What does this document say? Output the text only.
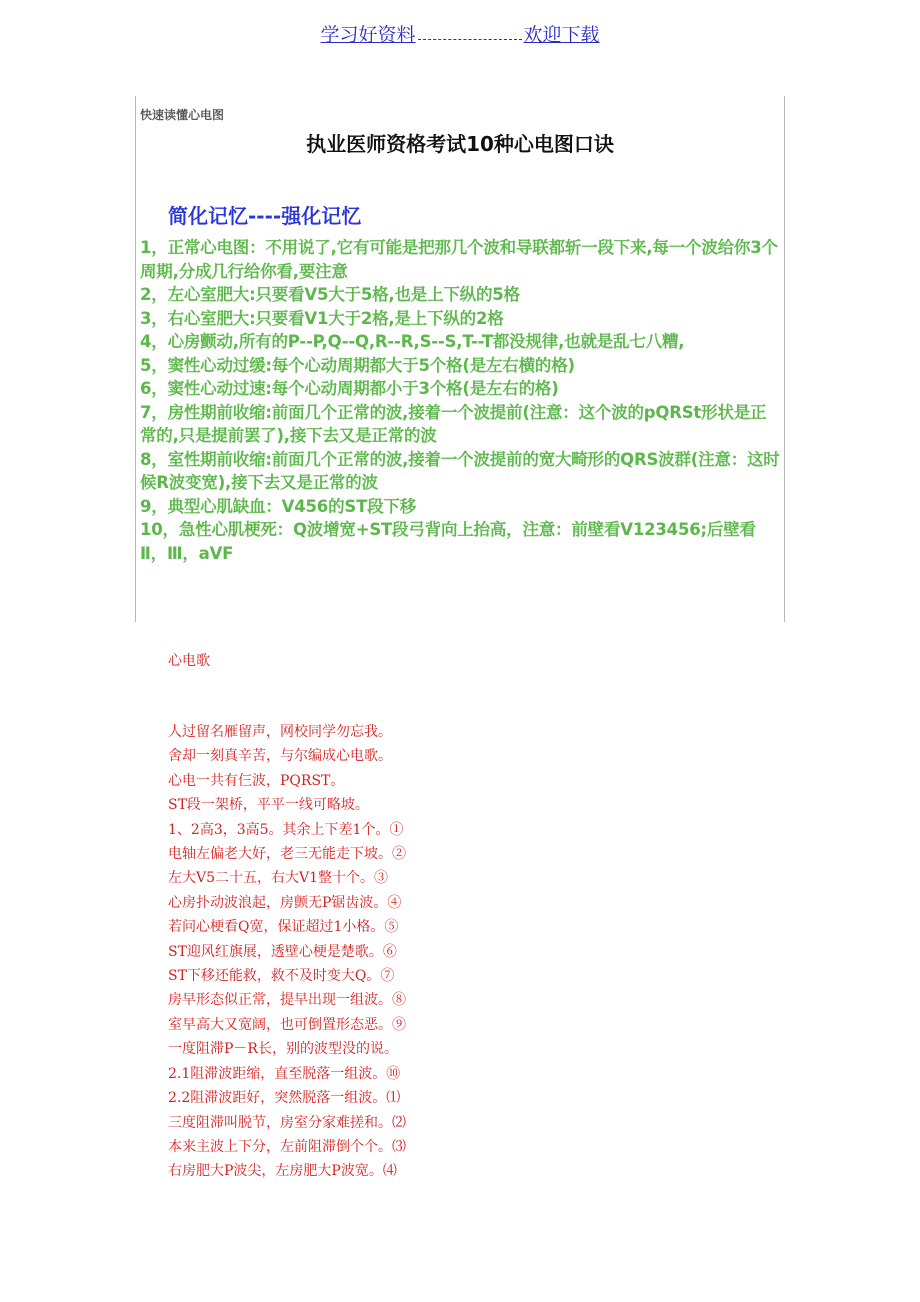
学习好资料	欢迎下载
快速读懂心电图
执业医师资格考试10种心电图口诀
简化记忆----强化记忆
1，正常心电图：不用说了,它有可能是把那几个波和导联都斩一段下来,每一个波给你3个周期,分成几行给你看,要注意
2，左心室肥大:只要看V5大于5格,也是上下纵的5格
3，右心室肥大:只要看V1大于2格,是上下纵的2格
4，心房颤动,所有的P--P,Q--Q,R--R,S--S,T--T都没规律,也就是乱七八糟,
5，窦性心动过缓:每个心动周期都大于5个格(是左右横的格)
6，窦性心动过速:每个心动周期都小于3个格(是左右的格)
7，房性期前收缩:前面几个正常的波,接着一个波提前(注意：这个波的pQRSt形状是正常的,只是提前罢了),接下去又是正常的波
8，室性期前收缩:前面几个正常的波,接着一个波提前的宽大畸形的QRS波群(注意：这时候R波变宽),接下去又是正常的波
9，典型心肌缺血：V456的ST段下移
10，急性心肌梗死：Q波增宽+ST段弓背向上抬高，注意：前壁看V123456;后壁看Ⅱ，Ⅲ，aVF
心电歌
人过留名雁留声，网校同学勿忘我。
舍却一刻真辛苦，与尔编成心电歌。
心电一共有仨波，PQRST。
ST段一架桥，平平一线可略坡。
1、2高3，3高5。其余上下差1个。①
电轴左偏老大好，老三无能走下坡。②
左大V5二十五，右大V1整十个。③
心房扑动波浪起，房颤无P锯齿波。④
若问心梗看Q宽，保证超过1小格。⑤
ST迎风红旗展，透壁心梗是楚歌。⑥
ST下移还能救，救不及时变大Q。⑦
房早形态似正常，提早出现一组波。⑧
室早高大又宽阔，也可倒置形态恶。⑨
一度阻滞P－R长，别的波型没的说。
2.1阻滞波距缩，直至脱落一组波。⑩
2.2阻滞波距好，突然脱落一组波。⑴
三度阻滞叫脱节，房室分家难搓和。⑵
本来主波上下分，左前阻滞倒个个。⑶
右房肥大P波尖，左房肥大P波宽。⑷
